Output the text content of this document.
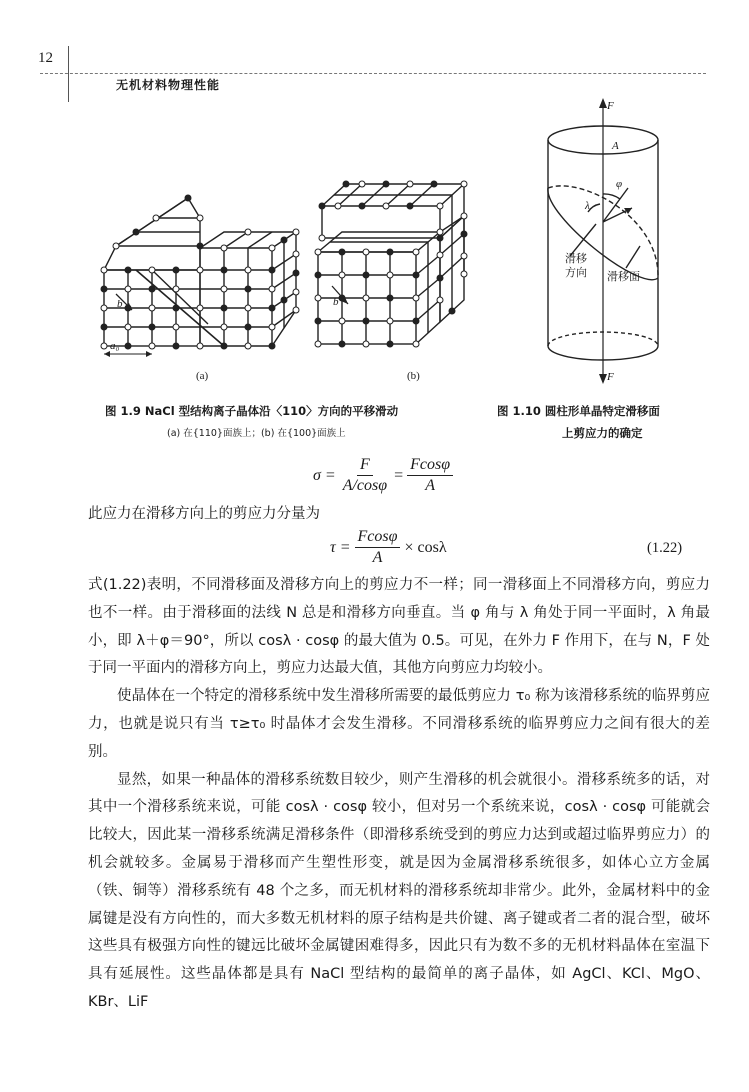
12
无机材料物理性能
b
a₀
(a)
b
(b)
图 1.9 NaCl 型结构离子晶体沿〈110〉方向的平移滑动
(a) 在{110}面族上；(b) 在{100}面族上
F
F
A
φ
λ
滑移
方向 滑移面
图 1.10 圆柱形单晶特定滑移面
上剪应力的确定
$\sigma = \frac{F}{A/\cos\varphi} = \frac{Fcos\varphi}{A}$
此应力在滑移方向上的剪应力分量为
$\tau = \frac{Fcos\varphi}{A} \times \cos\lambda$	(1.22)

式(1.22)表明，不同滑移面及滑移方向上的剪应力不一样；同一滑移面上不同滑移方向，剪应力也不一样。由于滑移面的法线 N 总是和滑移方向垂直。当 φ 角与 λ 角处于同一平面时，λ 角最小，即 λ＋φ＝90°，所以 cosλ · cosφ 的最大值为 0.5。可见，在外力 F 作用下，在与 N，F 处于同一平面内的滑移方向上，剪应力达最大值，其他方向剪应力均较小。

使晶体在一个特定的滑移系统中发生滑移所需要的最低剪应力 τ₀ 称为该滑移系统的临界剪应力，也就是说只有当 τ≥τ₀ 时晶体才会发生滑移。不同滑移系统的临界剪应力之间有很大的差别。

显然，如果一种晶体的滑移系统数目较少，则产生滑移的机会就很小。滑移系统多的话，对其中一个滑移系统来说，可能 cosλ · cosφ 较小，但对另一个系统来说，cosλ · cosφ 可能就会比较大，因此某一滑移系统满足滑移条件（即滑移系统受到的剪应力达到或超过临界剪应力）的机会就较多。金属易于滑移而产生塑性形变，就是因为金属滑移系统很多，如体心立方金属（铁、铜等）滑移系统有 48 个之多，而无机材料的滑移系统却非常少。此外，金属材料中的金属键是没有方向性的，而大多数无机材料的原子结构是共价键、离子键或者二者的混合型，破坏这些具有极强方向性的键远比破坏金属键困难得多，因此只有为数不多的无机材料晶体在室温下具有延展性。这些晶体都是具有 NaCl 型结构的最简单的离子晶体，如 AgCl、KCl、MgO、KBr、LiF
